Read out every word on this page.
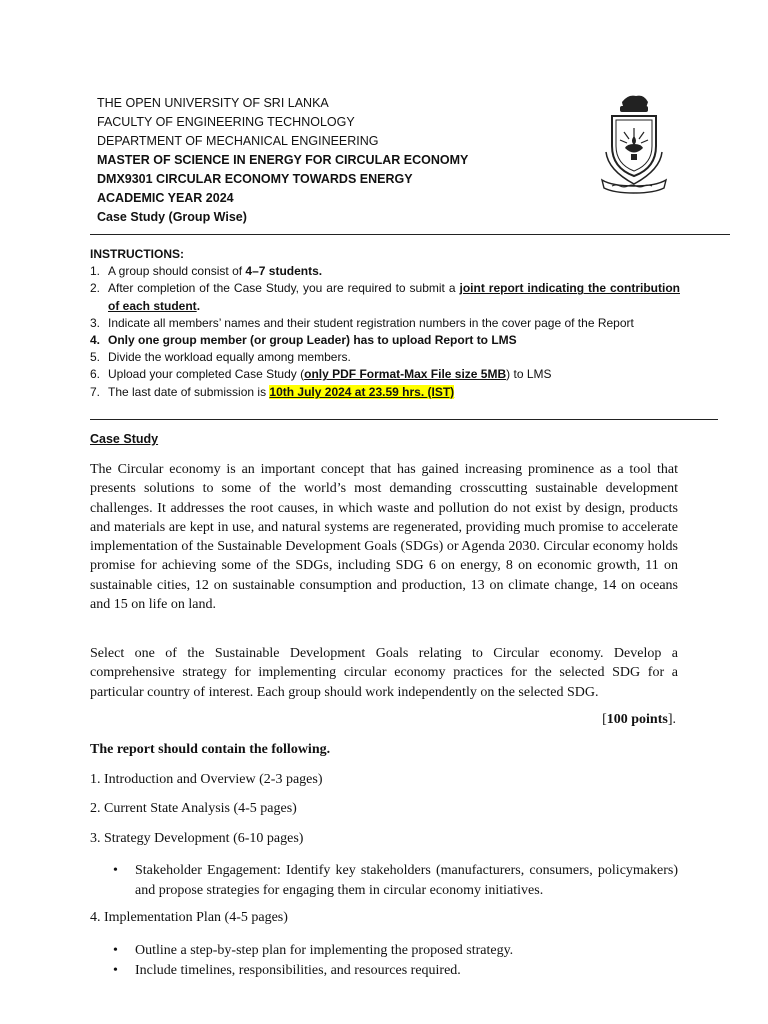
THE OPEN UNIVERSITY OF SRI LANKA
FACULTY OF ENGINEERING TECHNOLOGY
DEPARTMENT OF MECHANICAL ENGINEERING
MASTER OF SCIENCE IN ENERGY FOR CIRCULAR ECONOMY
DMX9301 CIRCULAR ECONOMY TOWARDS ENERGY
ACADEMIC YEAR 2024
Case Study (Group Wise)
INSTRUCTIONS:
1. A group should consist of 4–7 students.
2. After completion of the Case Study, you are required to submit a joint report indicating the contribution of each student.
3. Indicate all members’ names and their student registration numbers in the cover page of the Report
4. Only one group member (or group Leader) has to upload Report to LMS
5. Divide the workload equally among members.
6. Upload your completed Case Study (only PDF Format-Max File size 5MB) to LMS
7. The last date of submission is 10th July 2024 at 23.59 hrs. (IST)
Case Study
The Circular economy is an important concept that has gained increasing prominence as a tool that presents solutions to some of the world’s most demanding crosscutting sustainable development challenges. It addresses the root causes, in which waste and pollution do not exist by design, products and materials are kept in use, and natural systems are regenerated, providing much promise to accelerate implementation of the Sustainable Development Goals (SDGs) or Agenda 2030. Circular economy holds promise for achieving some of the SDGs, including SDG 6 on energy, 8 on economic growth, 11 on sustainable cities, 12 on sustainable consumption and production, 13 on climate change, 14 on oceans and 15 on life on land.
Select one of the Sustainable Development Goals relating to Circular economy. Develop a comprehensive strategy for implementing circular economy practices for the selected SDG for a particular country of interest. Each group should work independently on the selected SDG.
[100 points].
The report should contain the following.
1. Introduction and Overview (2-3 pages)
2. Current State Analysis (4-5 pages)
3. Strategy Development (6-10 pages)
•	Stakeholder Engagement: Identify key stakeholders (manufacturers, consumers, policymakers) and propose strategies for engaging them in circular economy initiatives.
4. Implementation Plan (4-5 pages)
•	Outline a step-by-step plan for implementing the proposed strategy.
•	Include timelines, responsibilities, and resources required.
